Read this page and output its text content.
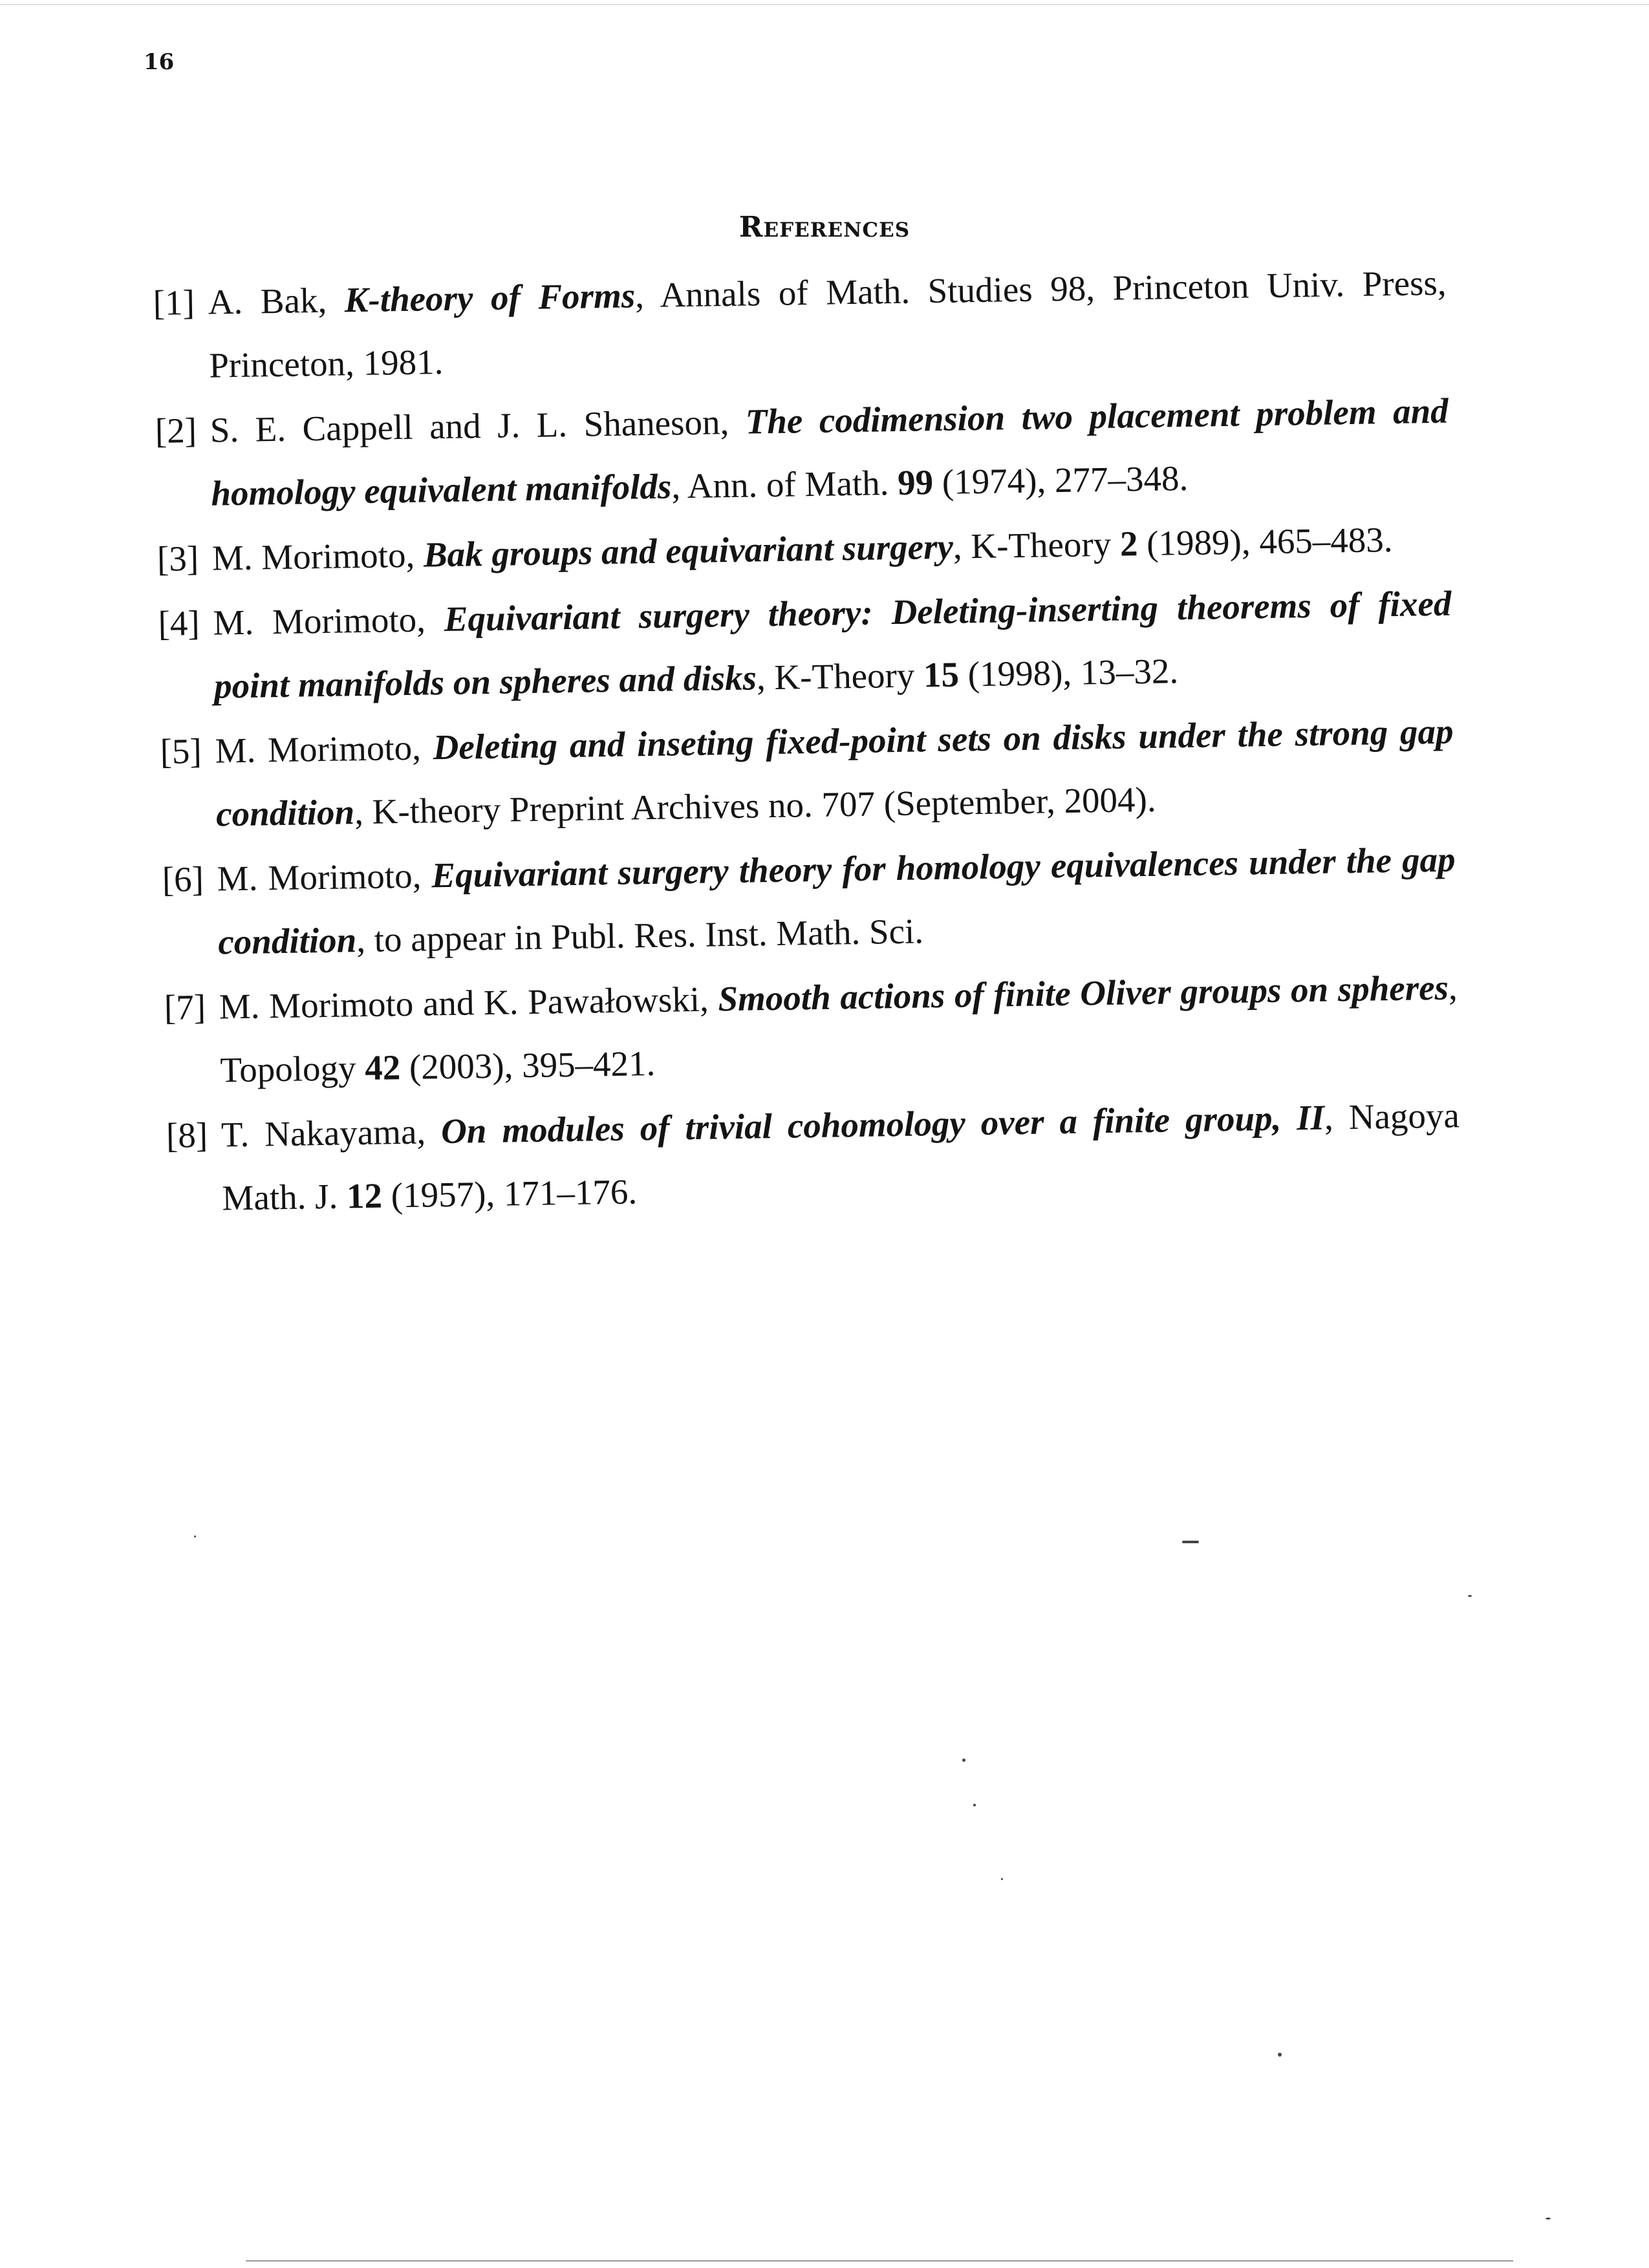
16
References
[1] A. Bak, K-theory of Forms, Annals of Math. Studies 98, Princeton Univ. Press, Princeton, 1981.
[2] S. E. Cappell and J. L. Shaneson, The codimension two placement problem and homology equivalent manifolds, Ann. of Math. 99 (1974), 277–348.
[3] M. Morimoto, Bak groups and equivariant surgery, K-Theory 2 (1989), 465–483.
[4] M. Morimoto, Equivariant surgery theory: Deleting-inserting theorems of fixed point manifolds on spheres and disks, K-Theory 15 (1998), 13–32.
[5] M. Morimoto, Deleting and inseting fixed-point sets on disks under the strong gap condition, K-theory Preprint Archives no. 707 (September, 2004).
[6] M. Morimoto, Equivariant surgery theory for homology equivalences under the gap condition, to appear in Publ. Res. Inst. Math. Sci.
[7] M. Morimoto and K. Pawałowski, Smooth actions of finite Oliver groups on spheres, Topology 42 (2003), 395–421.
[8] T. Nakayama, On modules of trivial cohomology over a finite group, II, Nagoya Math. J. 12 (1957), 171–176.
